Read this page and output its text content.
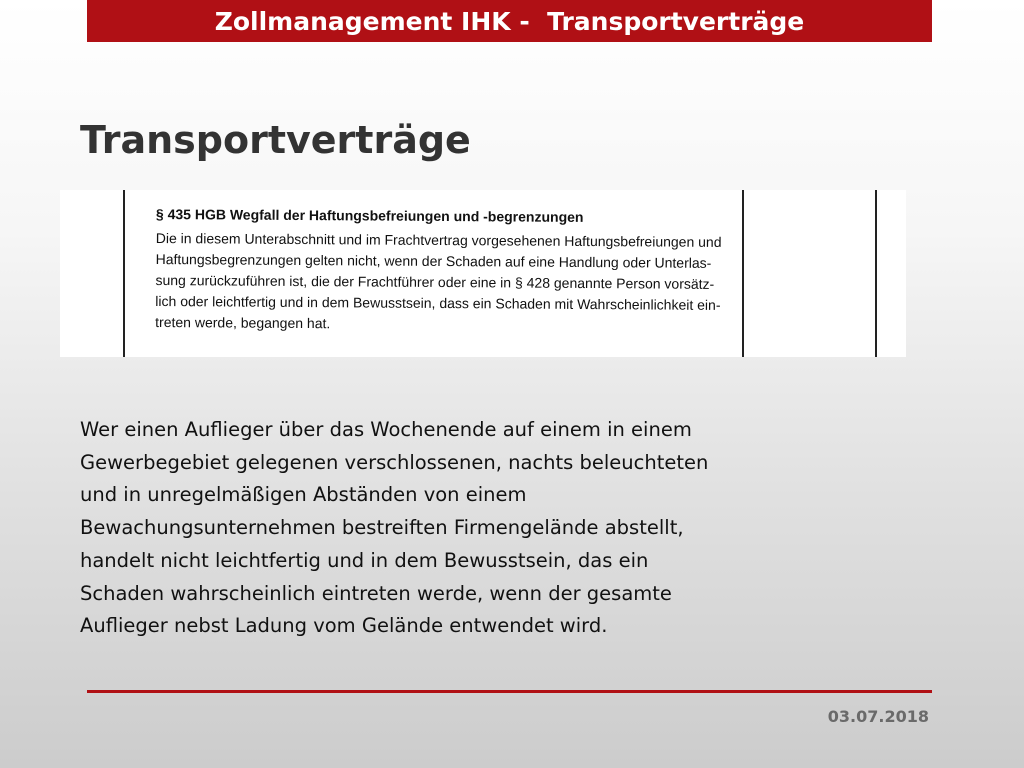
Zollmanagement IHK -  Transportverträge
Transportverträge

§ 435 HGB Wegfall der Haftungsbefreiungen und -begrenzungen

Die in diesem Unterabschnitt und im Frachtvertrag vorgesehenen Haftungsbefreiungen und
Haftungsbegrenzungen gelten nicht, wenn der Schaden auf eine Handlung oder Unterlas-
sung zurückzuführen ist, die der Frachtführer oder eine in § 428 genannte Person vorsätz-
lich oder leichtfertig und in dem Bewusstsein, dass ein Schaden mit Wahrscheinlichkeit ein-
treten werde, begangen hat.

Wer einen Auflieger über das Wochenende auf einem in einem
Gewerbegebiet gelegenen verschlossenen, nachts beleuchteten
und in unregelmäßigen Abständen von einem
Bewachungsunternehmen bestreiften Firmengelände abstellt,
handelt nicht leichtfertig und in dem Bewusstsein, das ein
Schaden wahrscheinlich eintreten werde, wenn der gesamte
Auflieger nebst Ladung vom Gelände entwendet wird.

03.07.2018
